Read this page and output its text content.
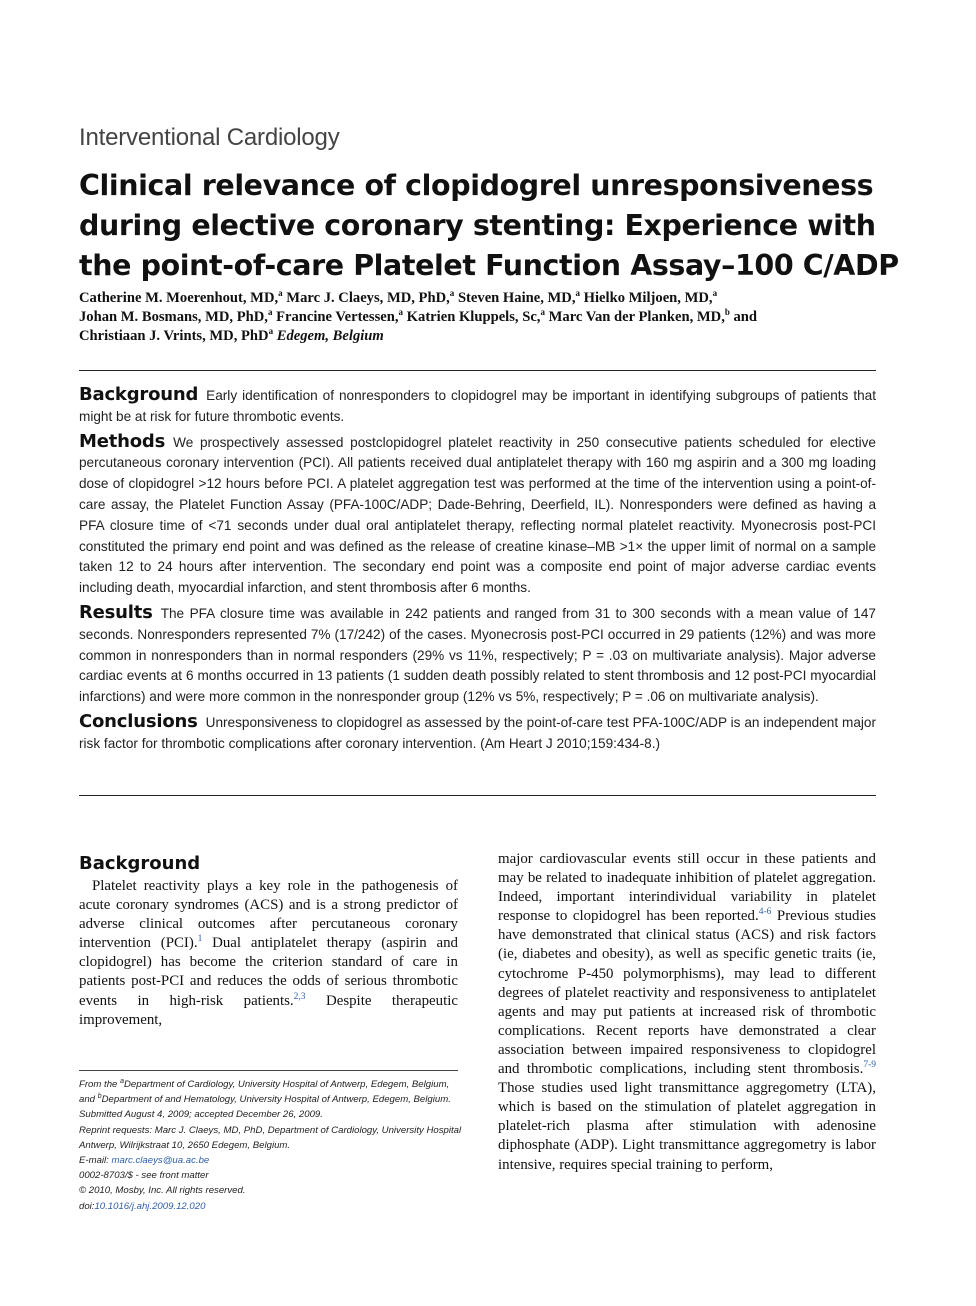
Interventional Cardiology
Clinical relevance of clopidogrel unresponsiveness during elective coronary stenting: Experience with the point-of-care Platelet Function Assay–100 C/ADP
Catherine M. Moerenhout, MD,$^a$ Marc J. Claeys, MD, PhD,$^a$ Steven Haine, MD,$^a$ Hielko Miljoen, MD,$^a$
Johan M. Bosmans, MD, PhD,$^a$ Francine Vertessen,$^a$ Katrien Kluppels, Sc,$^a$ Marc Van der Planken, MD,$^b$ and
Christiaan J. Vrints, MD, PhD$^a$ Edegem, Belgium

Background Early identification of nonresponders to clopidogrel may be important in identifying subgroups of patients that might be at risk for future thrombotic events.

Methods We prospectively assessed postclopidogrel platelet reactivity in 250 consecutive patients scheduled for elective percutaneous coronary intervention (PCI). All patients received dual antiplatelet therapy with 160 mg aspirin and a 300 mg loading dose of clopidogrel >12 hours before PCI. A platelet aggregation test was performed at the time of the intervention using a point-of-care assay, the Platelet Function Assay (PFA-100C/ADP; Dade-Behring, Deerfield, IL). Nonresponders were defined as having a PFA closure time of <71 seconds under dual oral antiplatelet therapy, reflecting normal platelet reactivity. Myonecrosis post-PCI constituted the primary end point and was defined as the release of creatine kinase–MB >1× the upper limit of normal on a sample taken 12 to 24 hours after intervention. The secondary end point was a composite end point of major adverse cardiac events including death, myocardial infarction, and stent thrombosis after 6 months.

Results The PFA closure time was available in 242 patients and ranged from 31 to 300 seconds with a mean value of 147 seconds. Nonresponders represented 7% (17/242) of the cases. Myonecrosis post-PCI occurred in 29 patients (12%) and was more common in nonresponders than in normal responders (29% vs 11%, respectively; P = .03 on multivariate analysis). Major adverse cardiac events at 6 months occurred in 13 patients (1 sudden death possibly related to stent thrombosis and 12 post-PCI myocardial infarctions) and were more common in the nonresponder group (12% vs 5%, respectively; P = .06 on multivariate analysis).

Conclusions Unresponsiveness to clopidogrel as assessed by the point-of-care test PFA-100C/ADP is an independent major risk factor for thrombotic complications after coronary intervention. (Am Heart J 2010;159:434-8.)

Background

Platelet reactivity plays a key role in the pathogenesis of acute coronary syndromes (ACS) and is a strong predictor of adverse clinical outcomes after percutaneous coronary intervention (PCI).$^1$ Dual antiplatelet therapy (aspirin and clopidogrel) has become the criterion standard of care in patients post-PCI and reduces the odds of serious thrombotic events in high-risk patients.$^{2,3}$ Despite therapeutic improvement,

major cardiovascular events still occur in these patients and may be related to inadequate inhibition of platelet aggregation. Indeed, important interindividual variability in platelet response to clopidogrel has been reported.$^{4-6}$ Previous studies have demonstrated that clinical status (ACS) and risk factors (ie, diabetes and obesity), as well as specific genetic traits (ie, cytochrome P-450 polymorphisms), may lead to different degrees of platelet reactivity and responsiveness to antiplatelet agents and may put patients at increased risk of thrombotic complications. Recent reports have demonstrated a clear association between impaired responsiveness to clopidogrel and thrombotic complications, including stent thrombosis.$^{7-9}$ Those studies used light transmittance aggregometry (LTA), which is based on the stimulation of platelet aggregation in platelet-rich plasma after stimulation with adenosine diphosphate (ADP). Light transmittance aggregometry is labor intensive, requires special training to perform,

From the $^a$Department of Cardiology, University Hospital of Antwerp, Edegem, Belgium,
and $^b$Department of and Hematology, University Hospital of Antwerp, Edegem, Belgium.
Submitted August 4, 2009; accepted December 26, 2009.
Reprint requests: Marc J. Claeys, MD, PhD, Department of Cardiology, University Hospital
Antwerp, Wilrijkstraat 10, 2650 Edegem, Belgium.
E-mail: marc.claeys@ua.ac.be
0002-8703/$ - see front matter
© 2010, Mosby, Inc. All rights reserved.
doi:10.1016/j.ahj.2009.12.020
